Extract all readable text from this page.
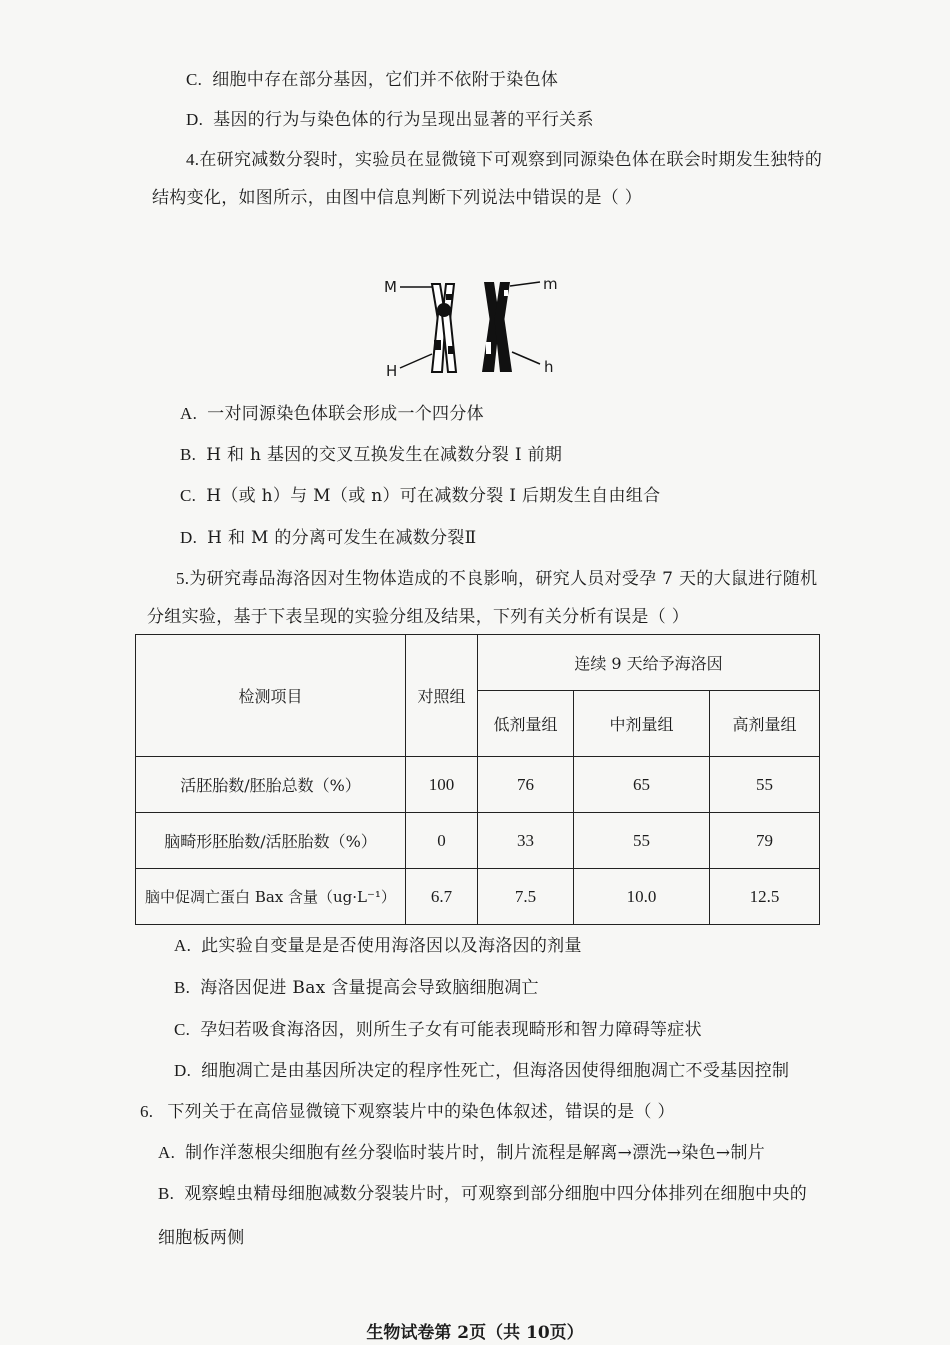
C. 细胞中存在部分基因，它们并不依附于染色体
D. 基因的行为与染色体的行为呈现出显著的平行关系
4.在研究减数分裂时，实验员在显微镜下可观察到同源染色体在联会时期发生独特的
结构变化，如图所示，由图中信息判断下列说法中错误的是（ ）
M	m
H	h
A. 一对同源染色体联会形成一个四分体
B. H 和 h 基因的交叉互换发生在减数分裂 I 前期
C. H（或 h）与 M（或 n）可在减数分裂 I 后期发生自由组合
D. H 和 M 的分离可发生在减数分裂Ⅱ
5.为研究毒品海洛因对生物体造成的不良影响，研究人员对受孕 7 天的大鼠进行随机
分组实验，基于下表呈现的实验分组及结果，下列有关分析有误是（ ）
检测项目	对照组	连续 9 天给予海洛因		
		低剂量组	中剂量组	高剂量组
活胚胎数/胚胎总数（%）	100	76	65	55
脑畸形胚胎数/活胚胎数（%）	0	33	55	79
脑中促凋亡蛋白 Bax 含量（ug·L⁻¹）	6.7	7.5	10.0	12.5
A. 此实验自变量是是否使用海洛因以及海洛因的剂量
B. 海洛因促进 Bax 含量提高会导致脑细胞凋亡
C. 孕妇若吸食海洛因，则所生子女有可能表现畸形和智力障碍等症状
D. 细胞凋亡是由基因所决定的程序性死亡，但海洛因使得细胞凋亡不受基因控制
6. 下列关于在高倍显微镜下观察装片中的染色体叙述，错误的是（ ）
A. 制作洋葱根尖细胞有丝分裂临时装片时，制片流程是解离→漂洗→染色→制片
B. 观察蝗虫精母细胞减数分裂装片时，可观察到部分细胞中四分体排列在细胞中央的
细胞板两侧
生物试卷第 2页（共 10页）
